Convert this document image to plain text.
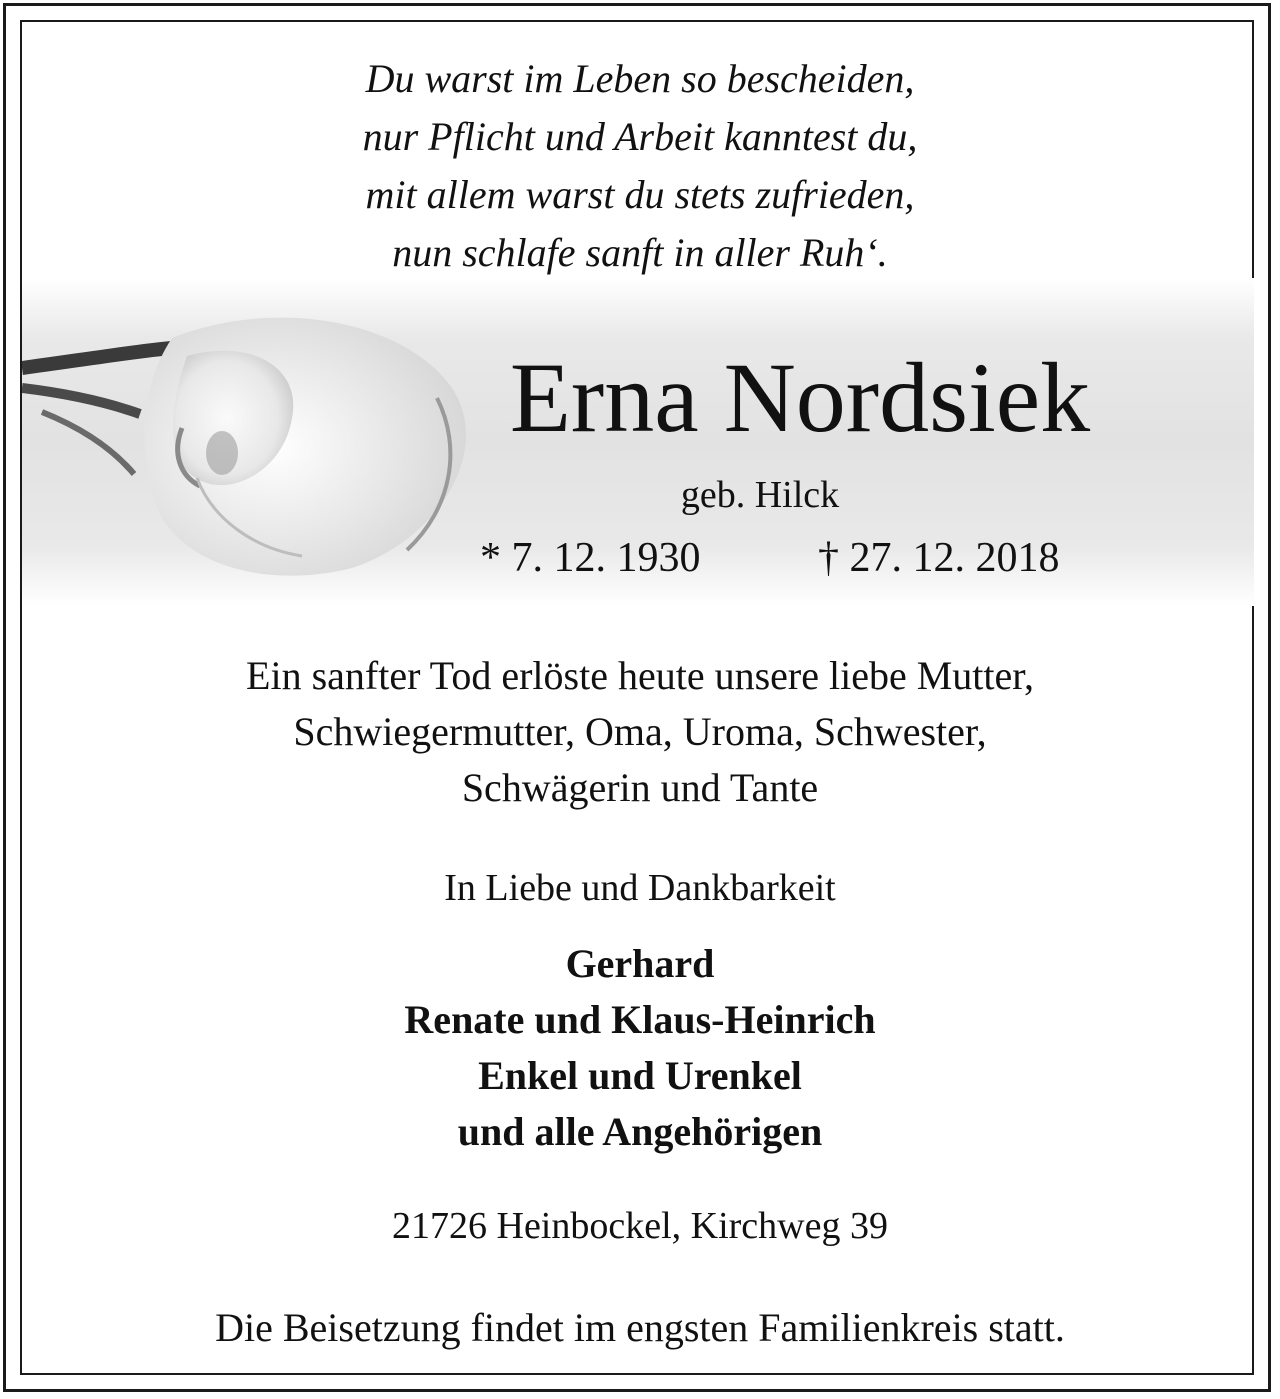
Du warst im Leben so bescheiden,
nur Pflicht und Arbeit kanntest du,
mit allem warst du stets zufrieden,
nun schlafe sanft in aller Ruh‘.
Erna Nordsiek
geb. Hilck
* 7. 12. 1930	† 27. 12. 2018
Ein sanfter Tod erlöste heute unsere liebe Mutter,
Schwiegermutter, Oma, Uroma, Schwester,
Schwägerin und Tante
In Liebe und Dankbarkeit
Gerhard
Renate und Klaus-Heinrich
Enkel und Urenkel
und alle Angehörigen
21726 Heinbockel, Kirchweg 39
Die Beisetzung findet im engsten Familienkreis statt.
